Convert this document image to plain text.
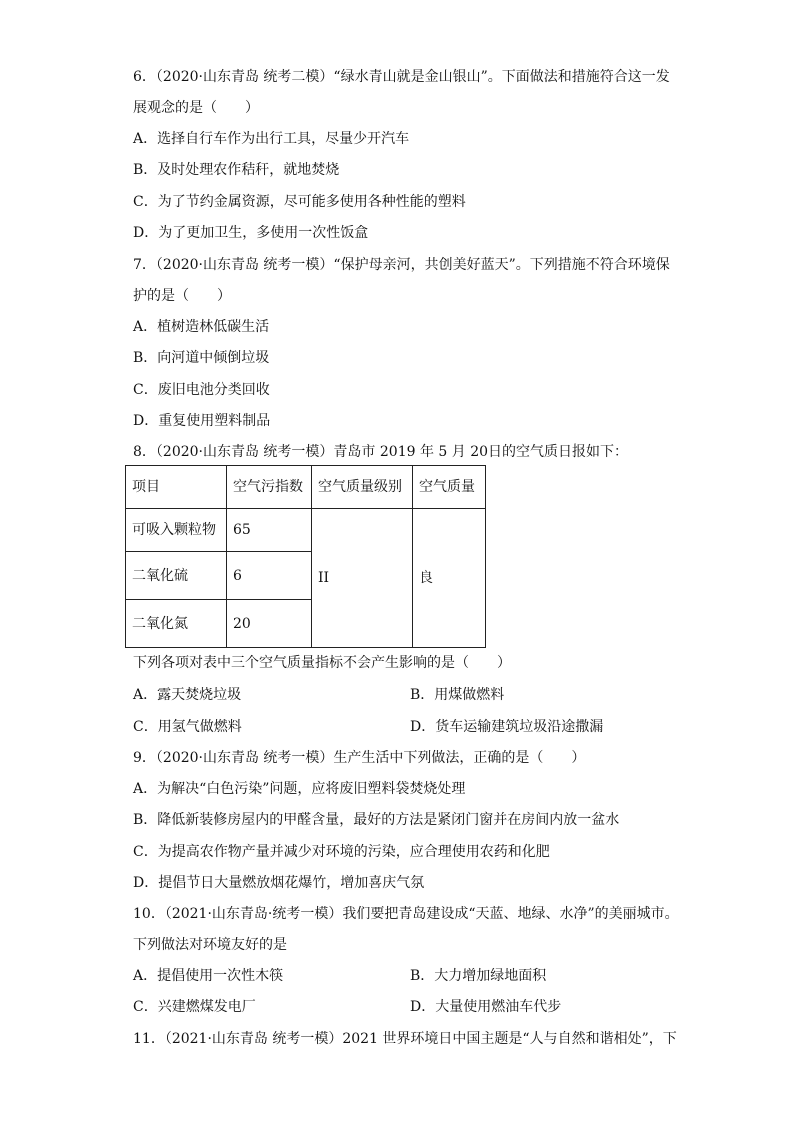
6．（2020·山东青岛 统考二模）“绿水青山就是金山银山”。下面做法和措施符合这一发
展观念的是（　　）
A．选择自行车作为出行工具，尽量少开汽车
B．及时处理农作秸秆，就地焚烧
C．为了节约金属资源，尽可能多使用各种性能的塑料
D．为了更加卫生，多使用一次性饭盒
7．（2020·山东青岛 统考一模）“保护母亲河，共创美好蓝天”。下列措施不符合环境保
护的是（　　）
A．植树造林低碳生活
B．向河道中倾倒垃圾
C．废旧电池分类回收
D．重复使用塑料制品
8．（2020·山东青岛 统考一模）青岛市 2019 年 5 月 20日的空气质日报如下：
项目	空气污指数	空气质量级别	空气质量
可吸入颗粒物	65	II	良
二氧化硫	6		
二氧化氮	20		
下列各项对表中三个空气质量指标不会产生影响的是（　　）
A．露天焚烧垃圾	B．用煤做燃料
C．用氢气做燃料	D．货车运输建筑垃圾沿途撒漏
9．（2020·山东青岛 统考一模）生产生活中下列做法，正确的是（　　）
A．为解决“白色污染”问题，应将废旧塑料袋焚烧处理
B．降低新装修房屋内的甲醛含量，最好的方法是紧闭门窗并在房间内放一盆水
C．为提高农作物产量并减少对环境的污染，应合理使用农药和化肥
D．提倡节日大量燃放烟花爆竹，增加喜庆气氛
10．（2021·山东青岛·统考一模）我们要把青岛建设成“天蓝、地绿、水净”的美丽城市。
下列做法对环境友好的是
A．提倡使用一次性木筷	B．大力增加绿地面积
C．兴建燃煤发电厂	D．大量使用燃油车代步
11．（2021·山东青岛 统考一模）2021 世界环境日中国主题是“人与自然和谐相处”，下
